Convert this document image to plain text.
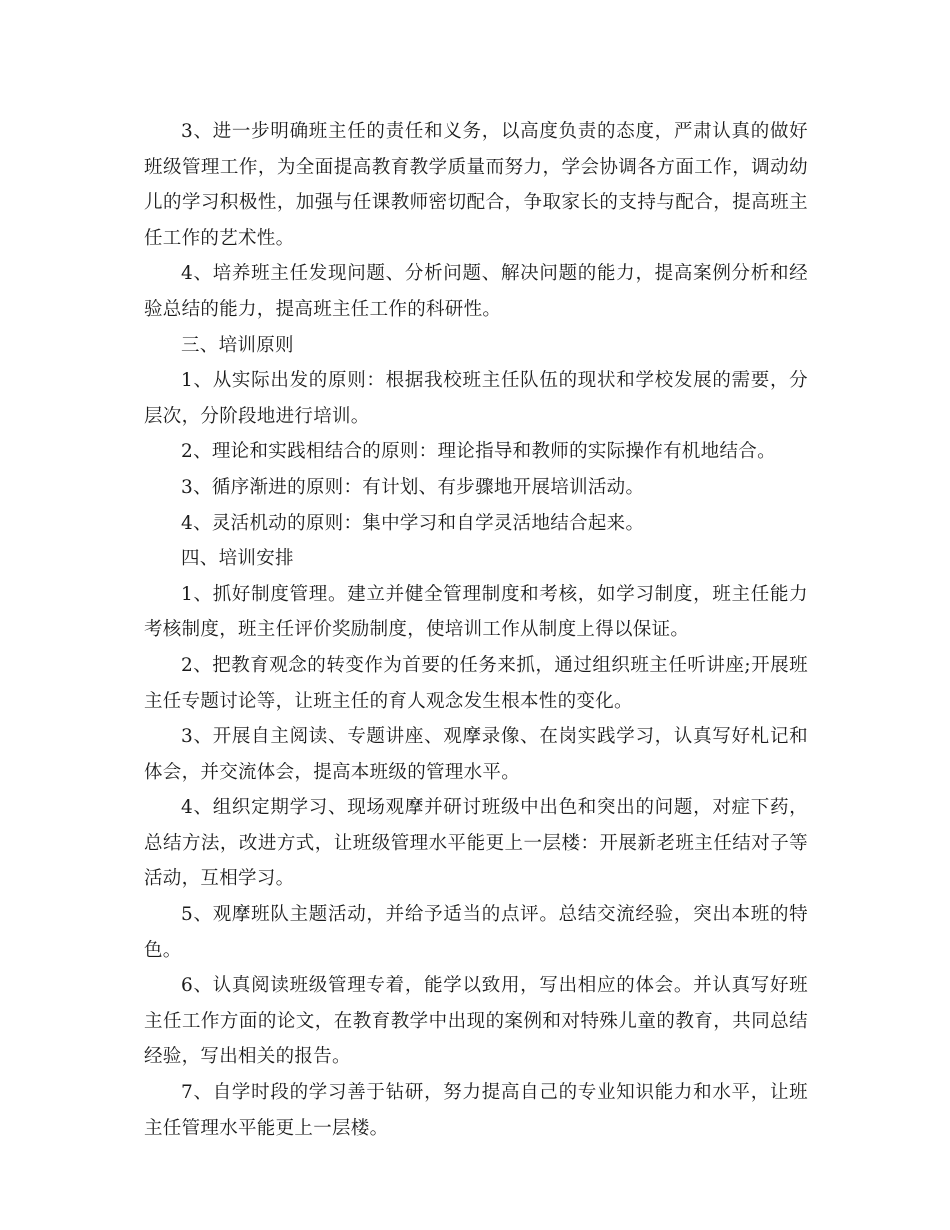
3、进一步明确班主任的责任和义务，以高度负责的态度，严肃认真的做好班级管理工作，为全面提高教育教学质量而努力，学会协调各方面工作，调动幼儿的学习积极性，加强与任课教师密切配合，争取家长的支持与配合，提高班主任工作的艺术性。

4、培养班主任发现问题、分析问题、解决问题的能力，提高案例分析和经验总结的能力，提高班主任工作的科研性。

三、培训原则

1、从实际出发的原则：根据我校班主任队伍的现状和学校发展的需要，分层次，分阶段地进行培训。

2、理论和实践相结合的原则：理论指导和教师的实际操作有机地结合。

3、循序渐进的原则：有计划、有步骤地开展培训活动。

4、灵活机动的原则：集中学习和自学灵活地结合起来。

四、培训安排

1、抓好制度管理。建立并健全管理制度和考核，如学习制度，班主任能力考核制度，班主任评价奖励制度，使培训工作从制度上得以保证。

2、把教育观念的转变作为首要的任务来抓，通过组织班主任听讲座;开展班主任专题讨论等，让班主任的育人观念发生根本性的变化。

3、开展自主阅读、专题讲座、观摩录像、在岗实践学习，认真写好札记和体会，并交流体会，提高本班级的管理水平。

4、组织定期学习、现场观摩并研讨班级中出色和突出的问题，对症下药，总结方法，改进方式，让班级管理水平能更上一层楼：开展新老班主任结对子等活动，互相学习。

5、观摩班队主题活动，并给予适当的点评。总结交流经验，突出本班的特色。

6、认真阅读班级管理专着，能学以致用，写出相应的体会。并认真写好班主任工作方面的论文，在教育教学中出现的案例和对特殊儿童的教育，共同总结经验，写出相关的报告。

7、自学时段的学习善于钻研，努力提高自己的专业知识能力和水平，让班主任管理水平能更上一层楼。
